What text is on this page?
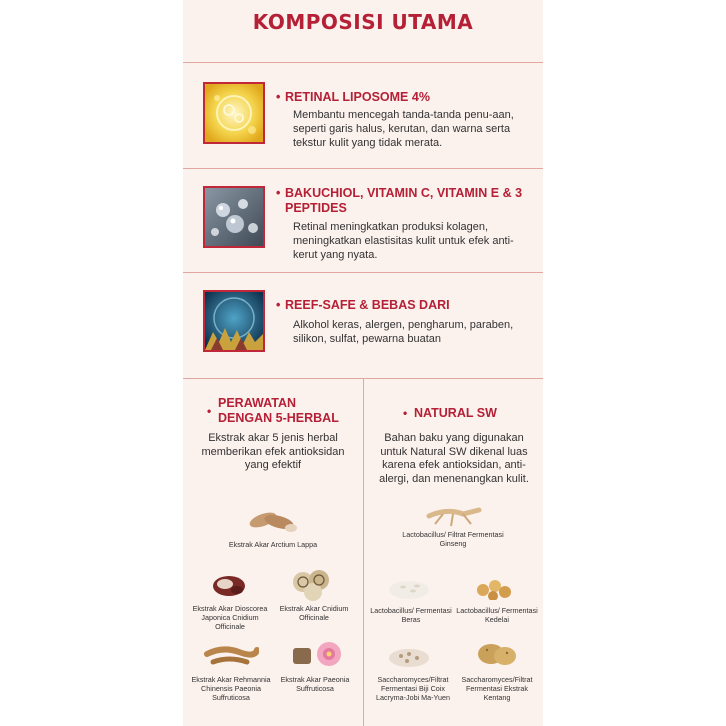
KOMPOSISI UTAMA
• RETINAL LIPOSOME 4%
Membantu mencegah tanda-tanda penu-aan, seperti garis halus, kerutan, dan warna serta tekstur kulit yang tidak merata.
• BAKUCHIOL, VITAMIN C, VITAMIN E & 3 PEPTIDES
Retinal meningkatkan produksi kolagen, meningkatkan elastisitas kulit untuk efek anti-kerut yang nyata.
• REEF-SAFE & BEBAS DARI
Alkohol keras, alergen, pengharum, paraben, silikon, sulfat, pewarna buatan
•
PERAWATAN
DENGAN 5-HERBAL
Ekstrak akar 5 jenis herbal memberikan efek antioksidan yang efektif
Ekstrak Akar Arctium Lappa
Ekstrak Akar Dioscorea Japonica Cnidium Officinale
Ekstrak Akar Cnidium Officinale
Ekstrak Akar Rehmannia Chinensis Paeonia Suffruticosa
Ekstrak Akar Paeonia Suffruticosa
• NATURAL SW
Bahan baku yang digunakan untuk Natural SW dikenal luas karena efek antioksidan, anti-alergi, dan menenangkan kulit.
Lactobacillus/ Filtrat Fermentasi Ginseng
Lactobacillus/ Fermentasi Beras
Lactobacillus/ Fermentasi Kedelai
Saccharomyces/Filtrat Fermentasi Biji Coix Lacryma-Jobi Ma-Yuen
Saccharomyces/Filtrat Fermentasi Ekstrak Kentang
